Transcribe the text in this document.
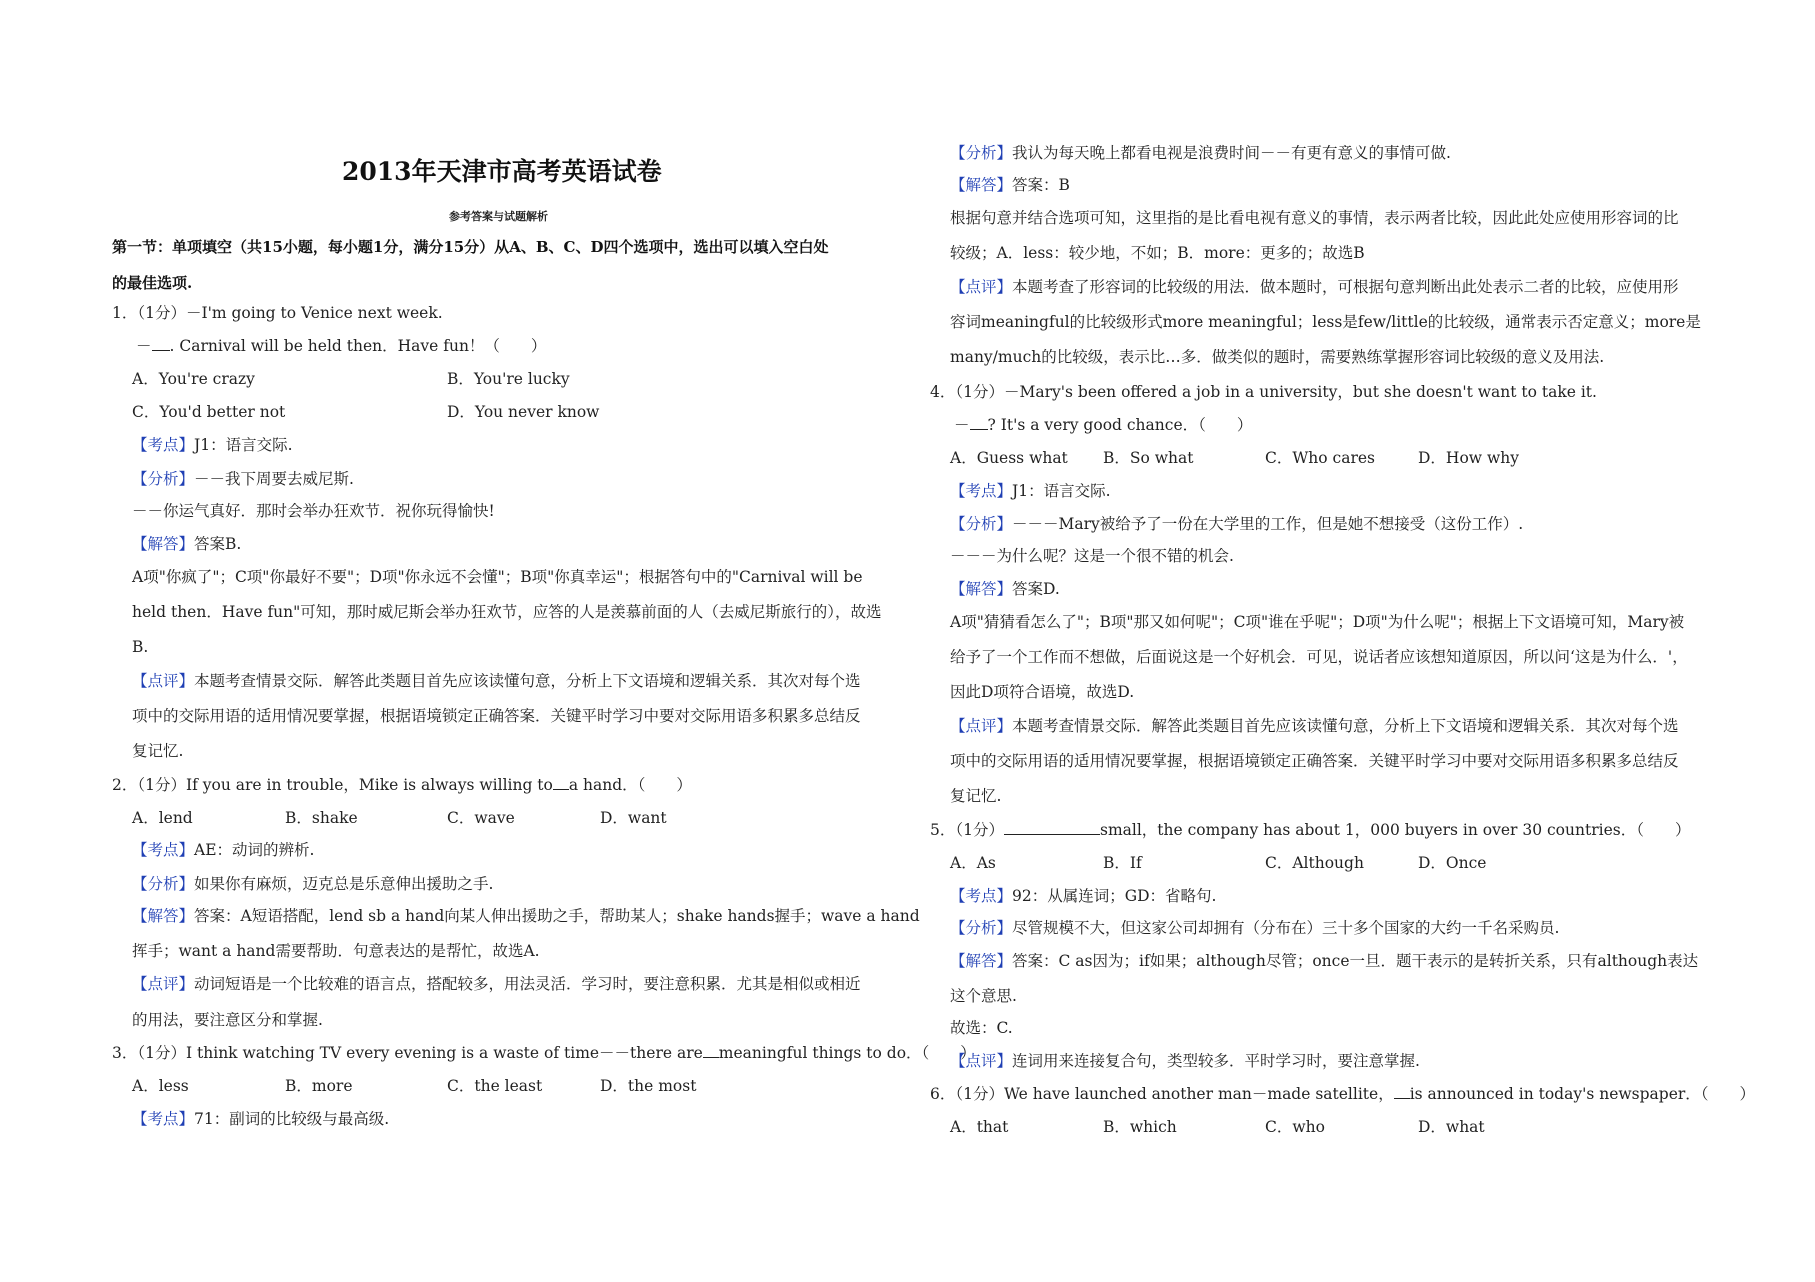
2013年天津市高考英语试卷
参考答案与试题解析
第一节：单项填空（共15小题，每小题1分，满分15分）从A、B、C、D四个选项中，选出可以填入空白处
的最佳选项.
1．（1分）－I'm going to Venice next week.
－ . Carnival will be held then．Have fun！（　　）
A．You're crazy	B．You're lucky
C．You'd better not	D．You never know
【考点】J1：语言交际.
【分析】－－我下周要去威尼斯.
－－你运气真好．那时会举办狂欢节．祝你玩得愉快!
【解答】答案B.
A项"你疯了"；C项"你最好不要"；D项"你永远不会懂"；B项"你真幸运"；根据答句中的"Carnival will be
held then．Have fun"可知，那时威尼斯会举办狂欢节，应答的人是羡慕前面的人（去威尼斯旅行的），故选
B.
【点评】本题考查情景交际．解答此类题目首先应该读懂句意，分析上下文语境和逻辑关系．其次对每个选
项中的交际用语的适用情况要掌握，根据语境锁定正确答案．关键平时学习中要对交际用语多积累多总结反
复记忆.
2．（1分）If you are in trouble，Mike is always willing to a hand．（　　）
A．lend	B．shake	C．wave	D．want
【考点】AE：动词的辨析.
【分析】如果你有麻烦，迈克总是乐意伸出援助之手.
【解答】答案：A短语搭配，lend sb a hand向某人伸出援助之手，帮助某人；shake hands握手；wave a hand
挥手；want a hand需要帮助．句意表达的是帮忙，故选A.
【点评】动词短语是一个比较难的语言点，搭配较多，用法灵活．学习时，要注意积累．尤其是相似或相近
的用法，要注意区分和掌握.
3．（1分）I think watching TV every evening is a waste of time－－there are meaningful things to do．（　　）
A．less	B．more	C．the least	D．the most
【考点】71：副词的比较级与最高级.
【分析】我认为每天晚上都看电视是浪费时间－－有更有意义的事情可做.
【解答】答案：B
根据句意并结合选项可知，这里指的是比看电视有意义的事情，表示两者比较，因此此处应使用形容词的比
较级；A．less：较少地，不如；B．more：更多的；故选B
【点评】本题考查了形容词的比较级的用法．做本题时，可根据句意判断出此处表示二者的比较，应使用形
容词meaningful的比较级形式more meaningful；less是few/little的比较级，通常表示否定意义；more是
many/much的比较级，表示比…多．做类似的题时，需要熟练掌握形容词比较级的意义及用法.
4．（1分）－Mary's been offered a job in a university，but she doesn't want to take it.
－ ? It's a very good chance．（　　）
A．Guess what B．So what	C．Who cares	D．How why
【考点】J1：语言交际.
【分析】－－－Mary被给予了一份在大学里的工作，但是她不想接受（这份工作）.
－－－为什么呢？这是一个很不错的机会.
【解答】答案D.
A项"猜猜看怎么了"；B项"那又如何呢"；C项"谁在乎呢"；D项"为什么呢"；根据上下文语境可知，Mary被
给予了一个工作而不想做，后面说这是一个好机会．可见，说话者应该想知道原因，所以问‘这是为什么．'，
因此D项符合语境，故选D.
【点评】本题考查情景交际．解答此类题目首先应该读懂句意，分析上下文语境和逻辑关系．其次对每个选
项中的交际用语的适用情况要掌握，根据语境锁定正确答案．关键平时学习中要对交际用语多积累多总结反
复记忆.
5．（1分）	small，the company has about 1，000 buyers in over 30 countries．（　　）
A．As	B．If	C．Although	D．Once
【考点】92：从属连词；GD：省略句.
【分析】尽管规模不大，但这家公司却拥有（分布在）三十多个国家的大约一千名采购员.
【解答】答案：C as因为；if如果；although尽管；once一旦．题干表示的是转折关系，只有although表达
这个意思.
故选：C.
【点评】连词用来连接复合句，类型较多．平时学习时，要注意掌握.
6．（1分）We have launched another man－made satellite， is announced in today's newspaper．（　　）
A．that	B．which	C．who	D．what
